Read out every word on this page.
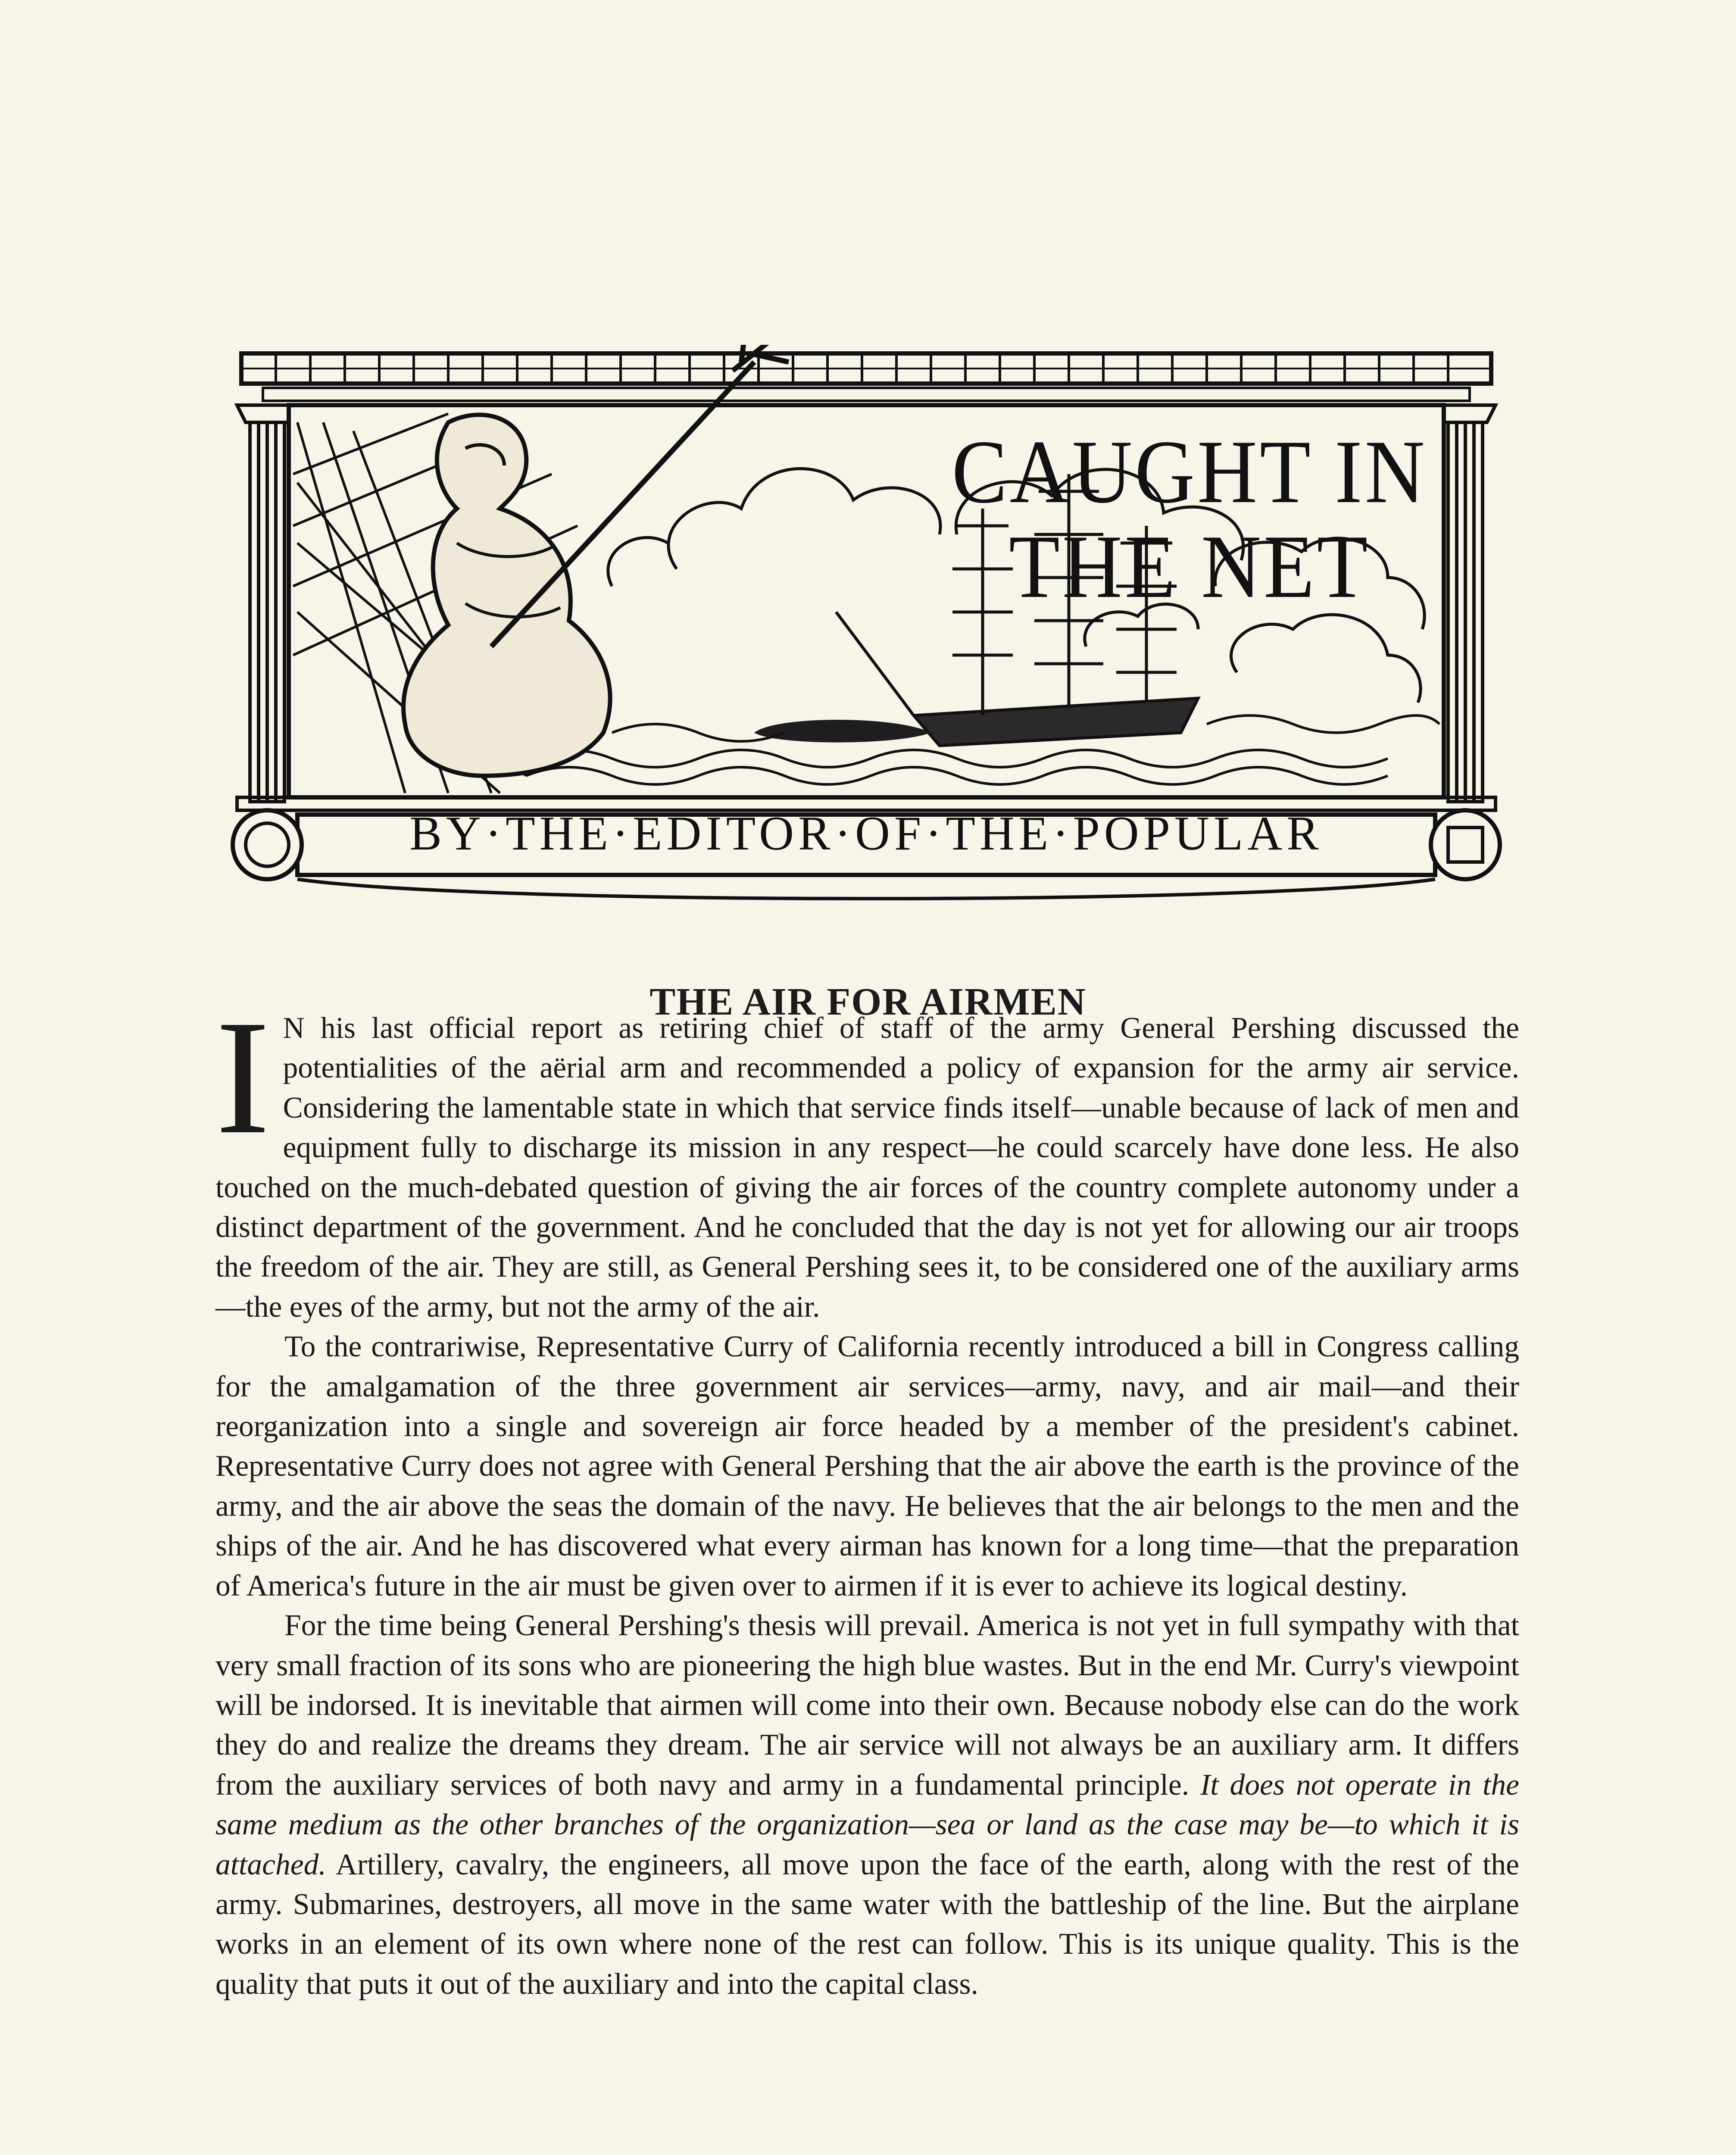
CAUGHT IN
THE NET
BY·THE·EDITOR·OF·THE·POPULAR
THE AIR FOR AIRMEN

I N his last official report as retiring chief of staff of the army General Pershing discussed the potentialities of the aërial arm and recommended a policy of expansion for the army air service. Considering the lamentable state in which that service finds itself—unable because of lack of men and equipment fully to discharge its mission in any respect—he could scarcely have done less. He also touched on the much-debated question of giving the air forces of the country complete autonomy under a distinct department of the government. And he concluded that the day is not yet for allowing our air troops the freedom of the air. They are still, as General Pershing sees it, to be considered one of the auxiliary arms—the eyes of the army, but not the army of the air.

To the contrariwise, Representative Curry of California recently introduced a bill in Congress calling for the amalgamation of the three government air services—army, navy, and air mail—and their reorganization into a single and sovereign air force headed by a member of the president's cabinet. Representative Curry does not agree with General Pershing that the air above the earth is the province of the army, and the air above the seas the domain of the navy. He believes that the air belongs to the men and the ships of the air. And he has discovered what every airman has known for a long time—that the preparation of America's future in the air must be given over to airmen if it is ever to achieve its logical destiny.

For the time being General Pershing's thesis will prevail. America is not yet in full sympathy with that very small fraction of its sons who are pioneering the high blue wastes. But in the end Mr. Curry's viewpoint will be indorsed. It is inevitable that airmen will come into their own. Because nobody else can do the work they do and realize the dreams they dream. The air service will not always be an auxiliary arm. It differs from the auxiliary services of both navy and army in a fundamental principle. It does not operate in the same medium as the other branches of the organization—sea or land as the case may be—to which it is attached. Artillery, cavalry, the engineers, all move upon the face of the earth, along with the rest of the army. Submarines, destroyers, all move in the same water with the battleship of the line. But the airplane works in an element of its own where none of the rest can follow. This is its unique quality. This is the quality that puts it out of the auxiliary and into the capital class.
